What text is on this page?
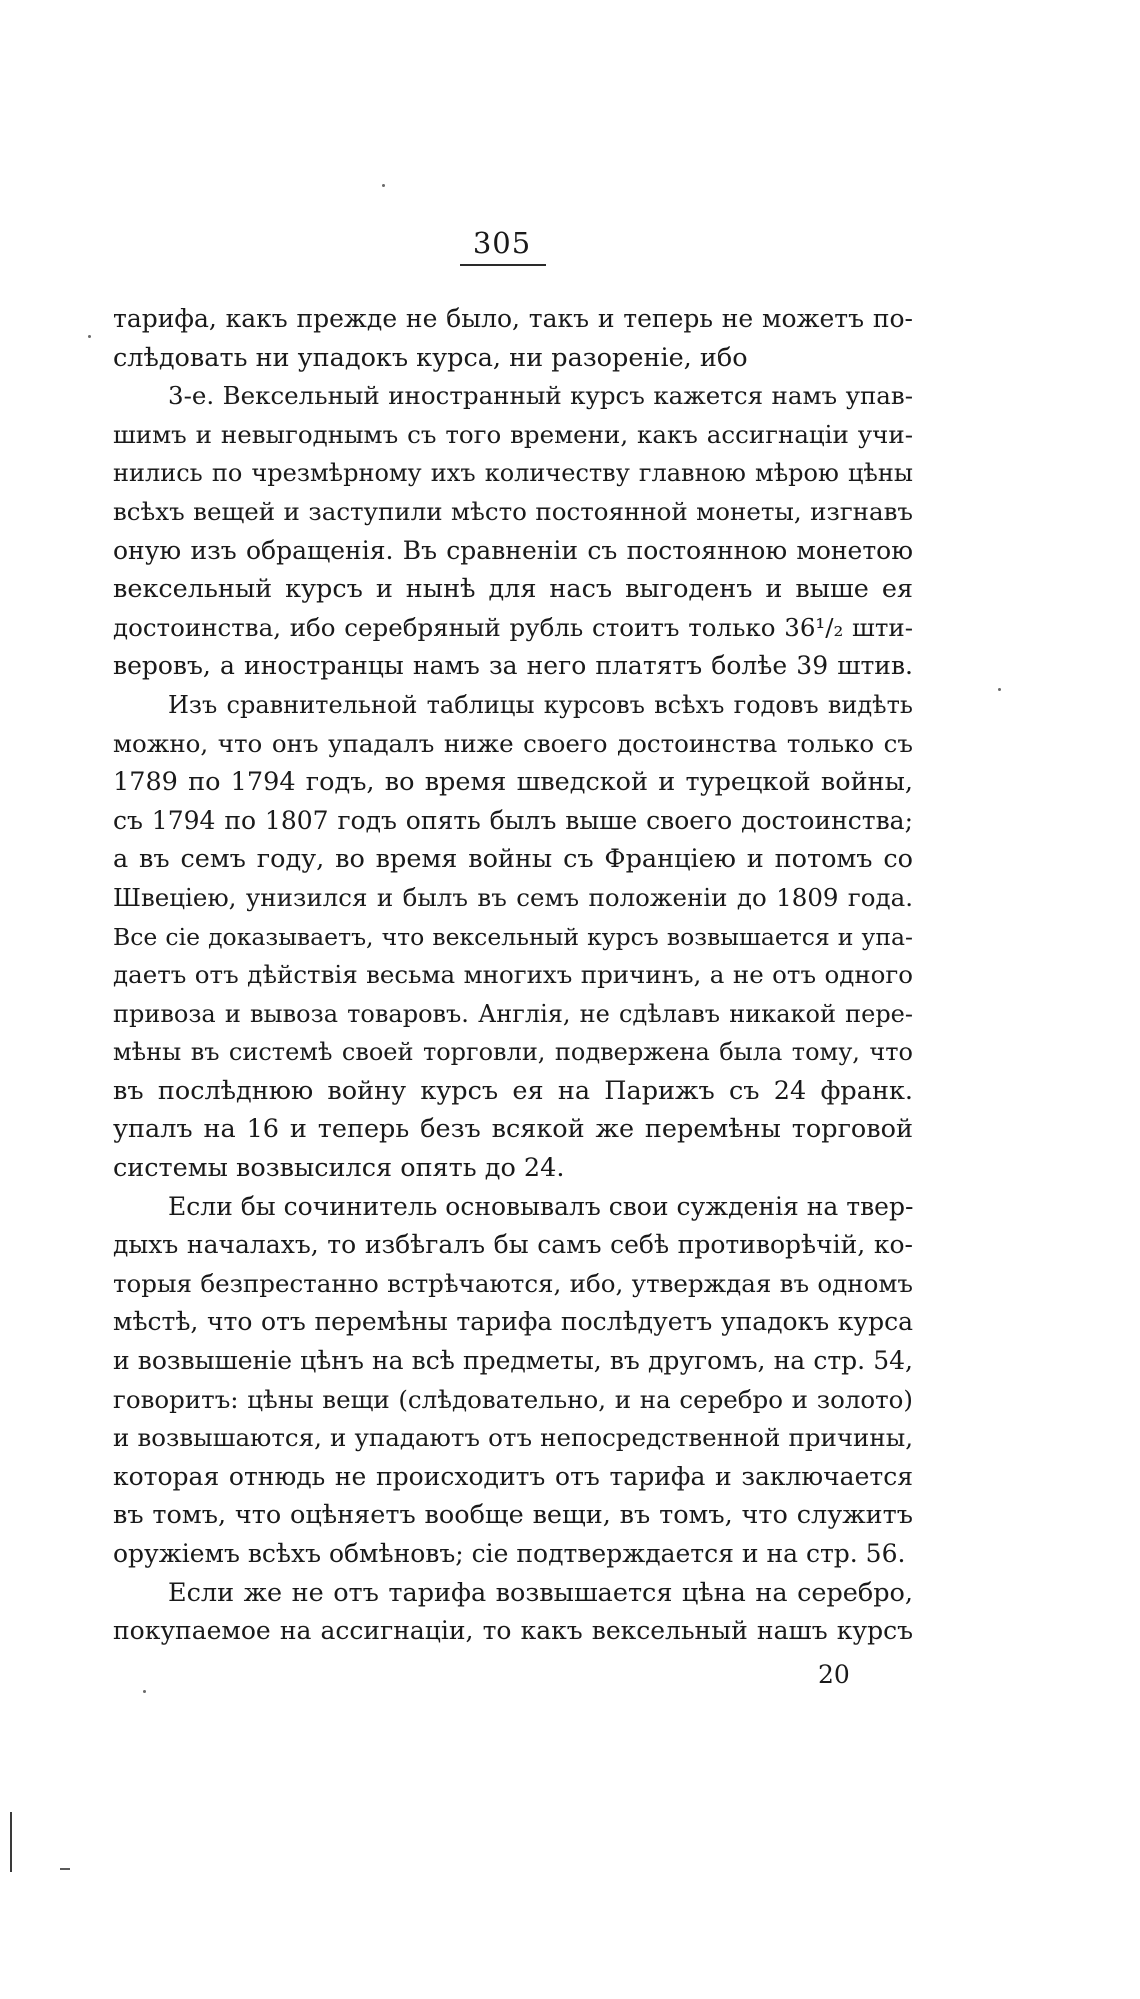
305
тарифа, какъ прежде не было, такъ и теперь не можетъ по-
слѣдовать ни упадокъ курса, ни разореніе, ибо
3-е. Вексельный иностранный курсъ кажется намъ упав-
шимъ и невыгоднымъ съ того времени, какъ ассигнаціи учи-
нились по чрезмѣрному ихъ количеству главною мѣрою цѣны
всѣхъ вещей и заступили мѣсто постоянной монеты, изгнавъ
оную изъ обращенія. Въ сравненіи съ постоянною монетою
вексельный курсъ и нынѣ для насъ выгоденъ и выше ея
достоинства, ибо серебряный рубль стоитъ только 36¹/₂ шти-
веровъ, а иностранцы намъ за него платятъ болѣе 39 штив.
Изъ сравнительной таблицы курсовъ всѣхъ годовъ видѣть
можно, что онъ упадалъ ниже своего достоинства только съ
1789 по 1794 годъ, во время шведской и турецкой войны,
съ 1794 по 1807 годъ опять былъ выше своего достоинства;
а въ семъ году, во время войны съ Франціею и потомъ со
Швеціею, унизился и былъ въ семъ положеніи до 1809 года.
Все сіе доказываетъ, что вексельный курсъ возвышается и упа-
даетъ отъ дѣйствія весьма многихъ причинъ, а не отъ одного
привоза и вывоза товаровъ. Англія, не сдѣлавъ никакой пере-
мѣны въ системѣ своей торговли, подвержена была тому, что
въ послѣднюю войну курсъ ея на Парижъ съ 24 франк.
упалъ на 16 и теперь безъ всякой же перемѣны торговой
системы возвысился опять до 24.
Если бы сочинитель основывалъ свои сужденія на твер-
дыхъ началахъ, то избѣгалъ бы самъ себѣ противорѣчій, ко-
торыя безпрестанно встрѣчаются, ибо, утверждая въ одномъ
мѣстѣ, что отъ перемѣны тарифа послѣдуетъ упадокъ курса
и возвышеніе цѣнъ на всѣ предметы, въ другомъ, на стр. 54,
говоритъ: цѣны вещи (слѣдовательно, и на серебро и золото)
и возвышаются, и упадаютъ отъ непосредственной причины,
которая отнюдь не происходитъ отъ тарифа и заключается
въ томъ, что оцѣняетъ вообще вещи, въ томъ, что служитъ
оружіемъ всѣхъ обмѣновъ; сіе подтверждается и на стр. 56.
Если же не отъ тарифа возвышается цѣна на серебро,
покупаемое на ассигнаціи, то какъ вексельный нашъ курсъ
20
